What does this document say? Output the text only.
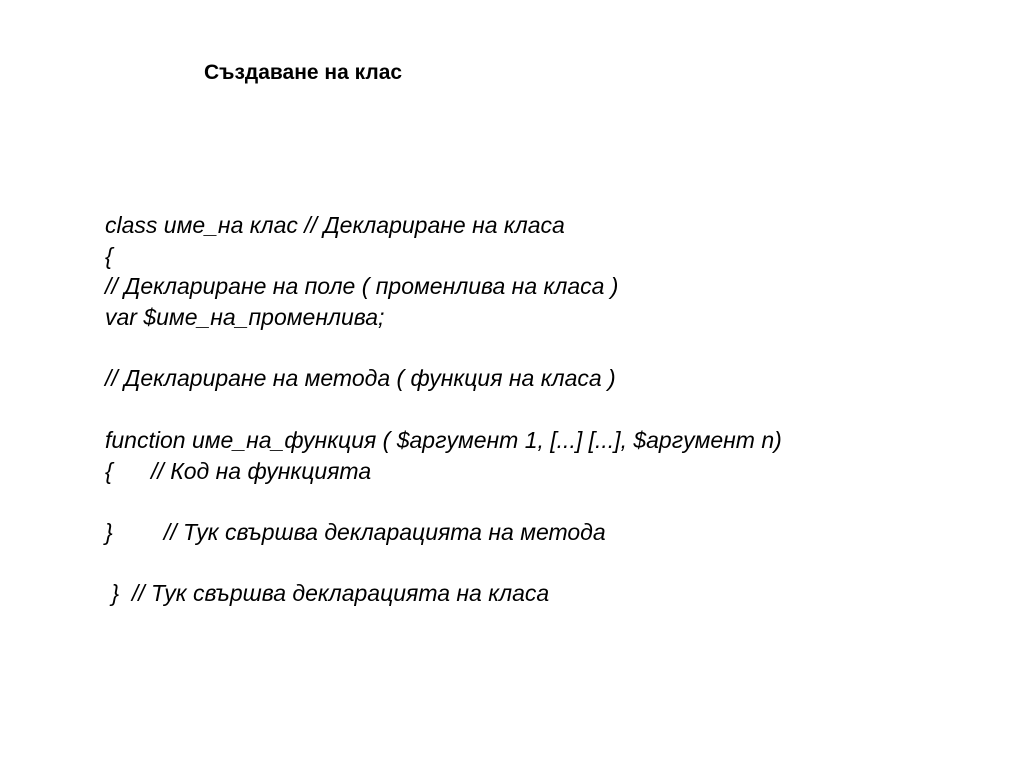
Създаване на клас
class име_на клас // Деклариране на класа
{
// Деклариране на поле ( променлива на класа )
var $име_на_променлива;
// Деклариране на метода ( функция на класа )
function име_на_функция ( $аргумент 1, [...] [...], $аргумент n)
{      // Код на функцията
}        // Тук свършва декларацията на метода
}  // Тук свършва декларацията на класа
